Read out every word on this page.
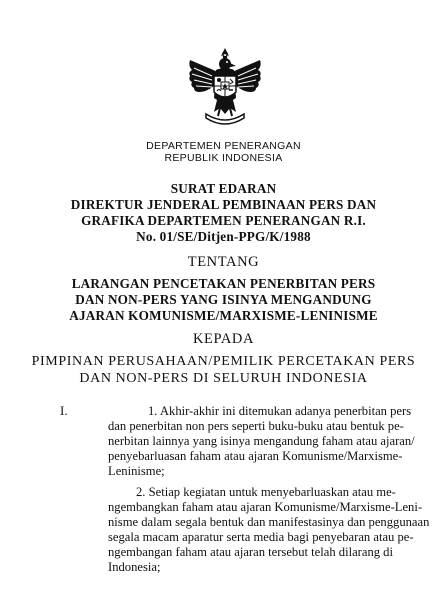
DEPARTEMEN PENERANGAN
REPUBLIK INDONESIA
SURAT EDARAN
DIREKTUR JENDERAL PEMBINAAN PERS DAN
GRAFIKA DEPARTEMEN PENERANGAN R.I.
No. 01/SE/Ditjen-PPG/K/1988
TENTANG
LARANGAN PENCETAKAN PENERBITAN PERS
DAN NON-PERS YANG ISINYA MENGANDUNG
AJARAN KOMUNISME/MARXISME-LENINISME
KEPADA
PIMPINAN PERUSAHAAN/PEMILIK PERCETAKAN PERS
DAN NON-PERS DI SELURUH INDONESIA
I.	1. Akhir-akhir ini ditemukan adanya penerbitan pers
dan penerbitan non pers seperti buku-buku atau bentuk pe-
nerbitan lainnya yang isinya mengandung faham atau ajaran/
penyebarluasan faham atau ajaran Komunisme/Marxisme-
Leninisme;
2. Setiap kegiatan untuk menyebarluaskan atau me-
ngembangkan faham atau ajaran Komunisme/Marxisme-Leni-
nisme dalam segala bentuk dan manifestasinya dan penggunaan
segala macam aparatur serta media bagi penyebaran atau pe-
ngembangan faham atau ajaran tersebut telah dilarang di
Indonesia;
